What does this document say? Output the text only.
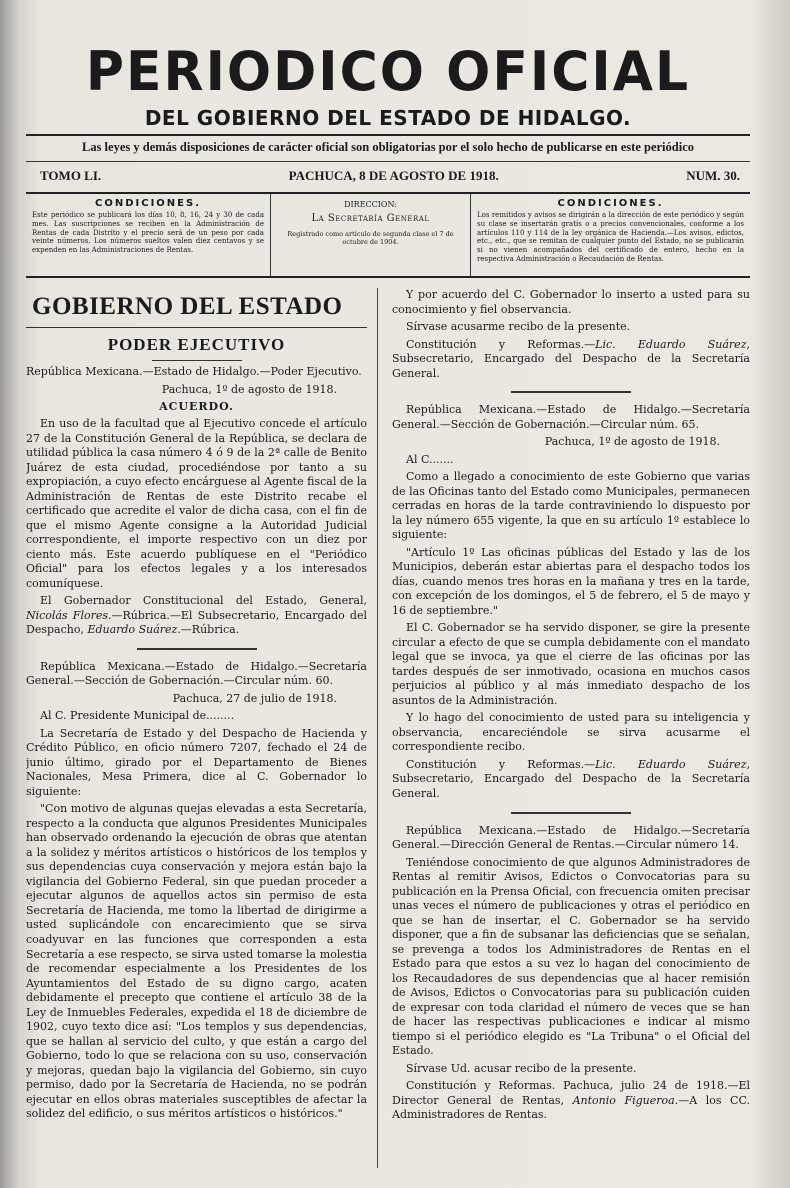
PERIODICO OFICIAL
DEL GOBIERNO DEL ESTADO DE HIDALGO.
Las leyes y demás disposiciones de carácter oficial son obligatorias por el solo hecho de publicarse en este periódico
TOMO LI.	PACHUCA, 8 DE AGOSTO DE 1918.	NUM. 30.
CONDICIONES.
Este periódico se publicará los días 10, 8, 16, 24 y 30 de cada mes. Las suscripciones se reciben en la Administración de Rentas de cada Distrito y el precio será de un peso por cada veinte números. Los números sueltos valen diez centavos y se expenden en las Administraciones de Rentas.
DIRECCION:
La Secretaría General
Registrado como artículo de segunda clase el 7 de octubre de 1904.
CONDICIONES.
Los remitidos y avisos se dirigirán a la dirección de este periódico y según su clase se insertarán gratis o a precios convencionales, conforme a los artículos 110 y 114 de la ley orgánica de Hacienda.—Los avisos, edictos, etc., etc., que se remitan de cualquier punto del Estado, no se publicarán si no vienen acompañados del certificado de entero, hecho en la respectiva Administración o Recaudación de Rentas.
GOBIERNO DEL ESTADO
PODER EJECUTIVO

República Mexicana.—Estado de Hidalgo.—Poder Ejecutivo.

Pachuca, 1º de agosto de 1918.

ACUERDO.

En uso de la facultad que al Ejecutivo concede el artículo 27 de la Constitución General de la República, se declara de utilidad pública la casa número 4 ó 9 de la 2ª calle de Benito Juárez de esta ciudad, procediéndose por tanto a su expropiación, a cuyo efecto encárguese al Agente fiscal de la Administración de Rentas de este Distrito recabe el certificado que acredite el valor de dicha casa, con el fin de que el mismo Agente consigne a la Autoridad Judicial correspondiente, el importe respectivo con un diez por ciento más. Este acuerdo publíquese en el "Periódico Oficial" para los efectos legales y a los interesados comuníquese.

El Gobernador Constitucional del Estado, General, Nicolás Flores.—Rúbrica.—El Subsecretario, Encargado del Despacho, Eduardo Suárez.—Rúbrica.

República Mexicana.—Estado de Hidalgo.—Secretaría General.—Sección de Gobernación.—Circular núm. 60.

Pachuca, 27 de julio de 1918.

Al C. Presidente Municipal de........

La Secretaría de Estado y del Despacho de Hacienda y Crédito Público, en oficio número 7207, fechado el 24 de junio último, girado por el Departamento de Bienes Nacionales, Mesa Primera, dice al C. Gobernador lo siguiente:

"Con motivo de algunas quejas elevadas a esta Secretaría, respecto a la conducta que algunos Presidentes Municipales han observado ordenando la ejecución de obras que atentan a la solidez y méritos artísticos o históricos de los templos y sus dependencias cuya conservación y mejora están bajo la vigilancia del Gobierno Federal, sin que puedan proceder a ejecutar algunos de aquellos actos sin permiso de esta Secretaría de Hacienda, me tomo la libertad de dirigirme a usted suplicándole con encarecimiento que se sirva coadyuvar en las funciones que corresponden a esta Secretaría a ese respecto, se sirva usted tomarse la molestia de recomendar especialmente a los Presidentes de los Ayuntamientos del Estado de su digno cargo, acaten debidamente el precepto que contiene el artículo 38 de la Ley de Inmuebles Federales, expedida el 18 de diciembre de 1902, cuyo texto dice así: "Los templos y sus dependencias, que se hallan al servicio del culto, y que están a cargo del Gobierno, todo lo que se relaciona con su uso, conservación y mejoras, quedan bajo la vigilancia del Gobierno, sin cuyo permiso, dado por la Secretaría de Hacienda, no se podrán ejecutar en ellos obras materiales susceptibles de afectar la solidez del edificio, o sus méritos artísticos o históricos."

Y por acuerdo del C. Gobernador lo inserto a usted para su conocimiento y fiel observancia.

Sírvase acusarme recibo de la presente.

Constitución y Reformas.—Lic. Eduardo Suárez, Subsecretario, Encargado del Despacho de la Secretaría General.

República Mexicana.—Estado de Hidalgo.—Secretaría General.—Sección de Gobernación.—Circular núm. 65.

Pachuca, 1º de agosto de 1918.

Al C.......

Como a llegado a conocimiento de este Gobierno que varias de las Oficinas tanto del Estado como Municipales, permanecen cerradas en horas de la tarde contraviniendo lo dispuesto por la ley número 655 vigente, la que en su artículo 1º establece lo siguiente:

"Artículo 1º Las oficinas públicas del Estado y las de los Municipios, deberán estar abiertas para el despacho todos los días, cuando menos tres horas en la mañana y tres en la tarde, con excepción de los domingos, el 5 de febrero, el 5 de mayo y 16 de septiembre."

El C. Gobernador se ha servido disponer, se gire la presente circular a efecto de que se cumpla debidamente con el mandato legal que se invoca, ya que el cierre de las oficinas por las tardes después de ser inmotivado, ocasiona en muchos casos perjuicios al público y al más inmediato despacho de los asuntos de la Administración.

Y lo hago del conocimiento de usted para su inteligencia y observancia, encareciéndole se sirva acusarme el correspondiente recibo.

Constitución y Reformas.—Lic. Eduardo Suárez, Subsecretario, Encargado del Despacho de la Secretaría General.

República Mexicana.—Estado de Hidalgo.—Secretaría General.—Dirección General de Rentas.—Circular número 14.

Teniéndose conocimiento de que algunos Administradores de Rentas al remitir Avisos, Edictos o Convocatorias para su publicación en la Prensa Oficial, con frecuencia omiten precisar unas veces el número de publicaciones y otras el periódico en que se han de insertar, el C. Gobernador se ha servido disponer, que a fin de subsanar las deficiencias que se señalan, se prevenga a todos los Administradores de Rentas en el Estado para que estos a su vez lo hagan del conocimiento de los Recaudadores de sus dependencias que al hacer remisión de Avisos, Edictos o Convocatorias para su publicación cuiden de expresar con toda claridad el número de veces que se han de hacer las respectivas publicaciones e indicar al mismo tiempo si el periódico elegido es "La Tribuna" o el Oficial del Estado.

Sírvase Ud. acusar recibo de la presente.

Constitución y Reformas. Pachuca, julio 24 de 1918.—El Director General de Rentas, Antonio Figueroa.—A los CC. Administradores de Rentas.
